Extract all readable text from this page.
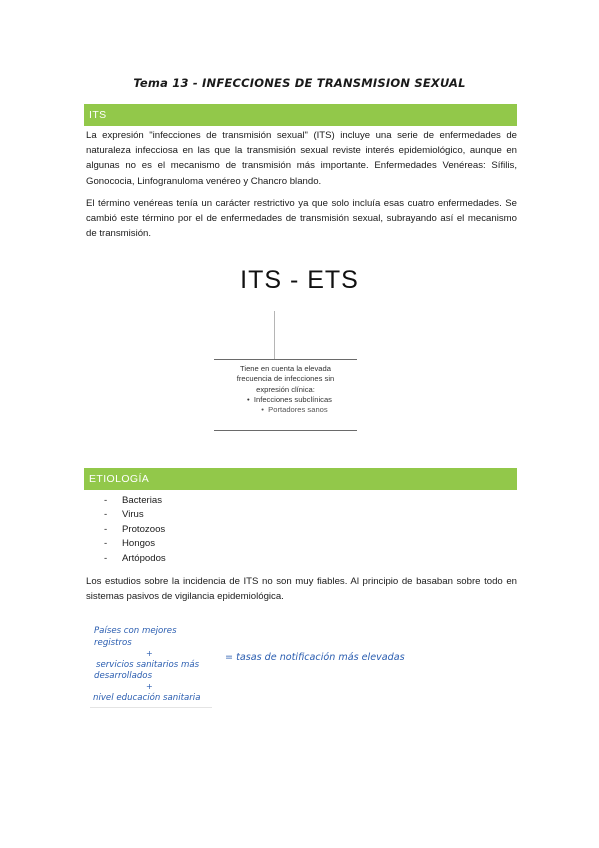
Tema 13 - INFECCIONES DE TRANSMISION SEXUAL
ITS

La expresión "infecciones de transmisión sexual" (ITS) incluye una serie de enfermedades de naturaleza infecciosa en las que la transmisión sexual reviste interés epidemiológico, aunque en algunas no es el mecanismo de transmisión más importante. Enfermedades Venéreas: Sífilis, Gonococia, Linfogranuloma venéreo y Chancro blando.

El término venéreas tenía un carácter restrictivo ya que solo incluía esas cuatro enfermedades. Se cambió este término por el de enfermedades de transmisión sexual, subrayando así el mecanismo de transmisión.

ITS - ETS
Tiene en cuenta la elevada
frecuencia de infecciones sin
expresión clínica:
•  Infecciones subclínicas
•  Portadores sanos
ETIOLOGÍA
-	Bacterias
-	Virus
-	Protozoos
-	Hongos
-	Artópodos

Los estudios sobre la incidencia de ITS no son muy fiables. Al principio de basaban sobre todo en sistemas pasivos de vigilancia epidemiológica.

Países con mejores
registros
+
servicios sanitarios más
desarrollados
+
nivel educación sanitaria
= tasas de notificación más elevadas
